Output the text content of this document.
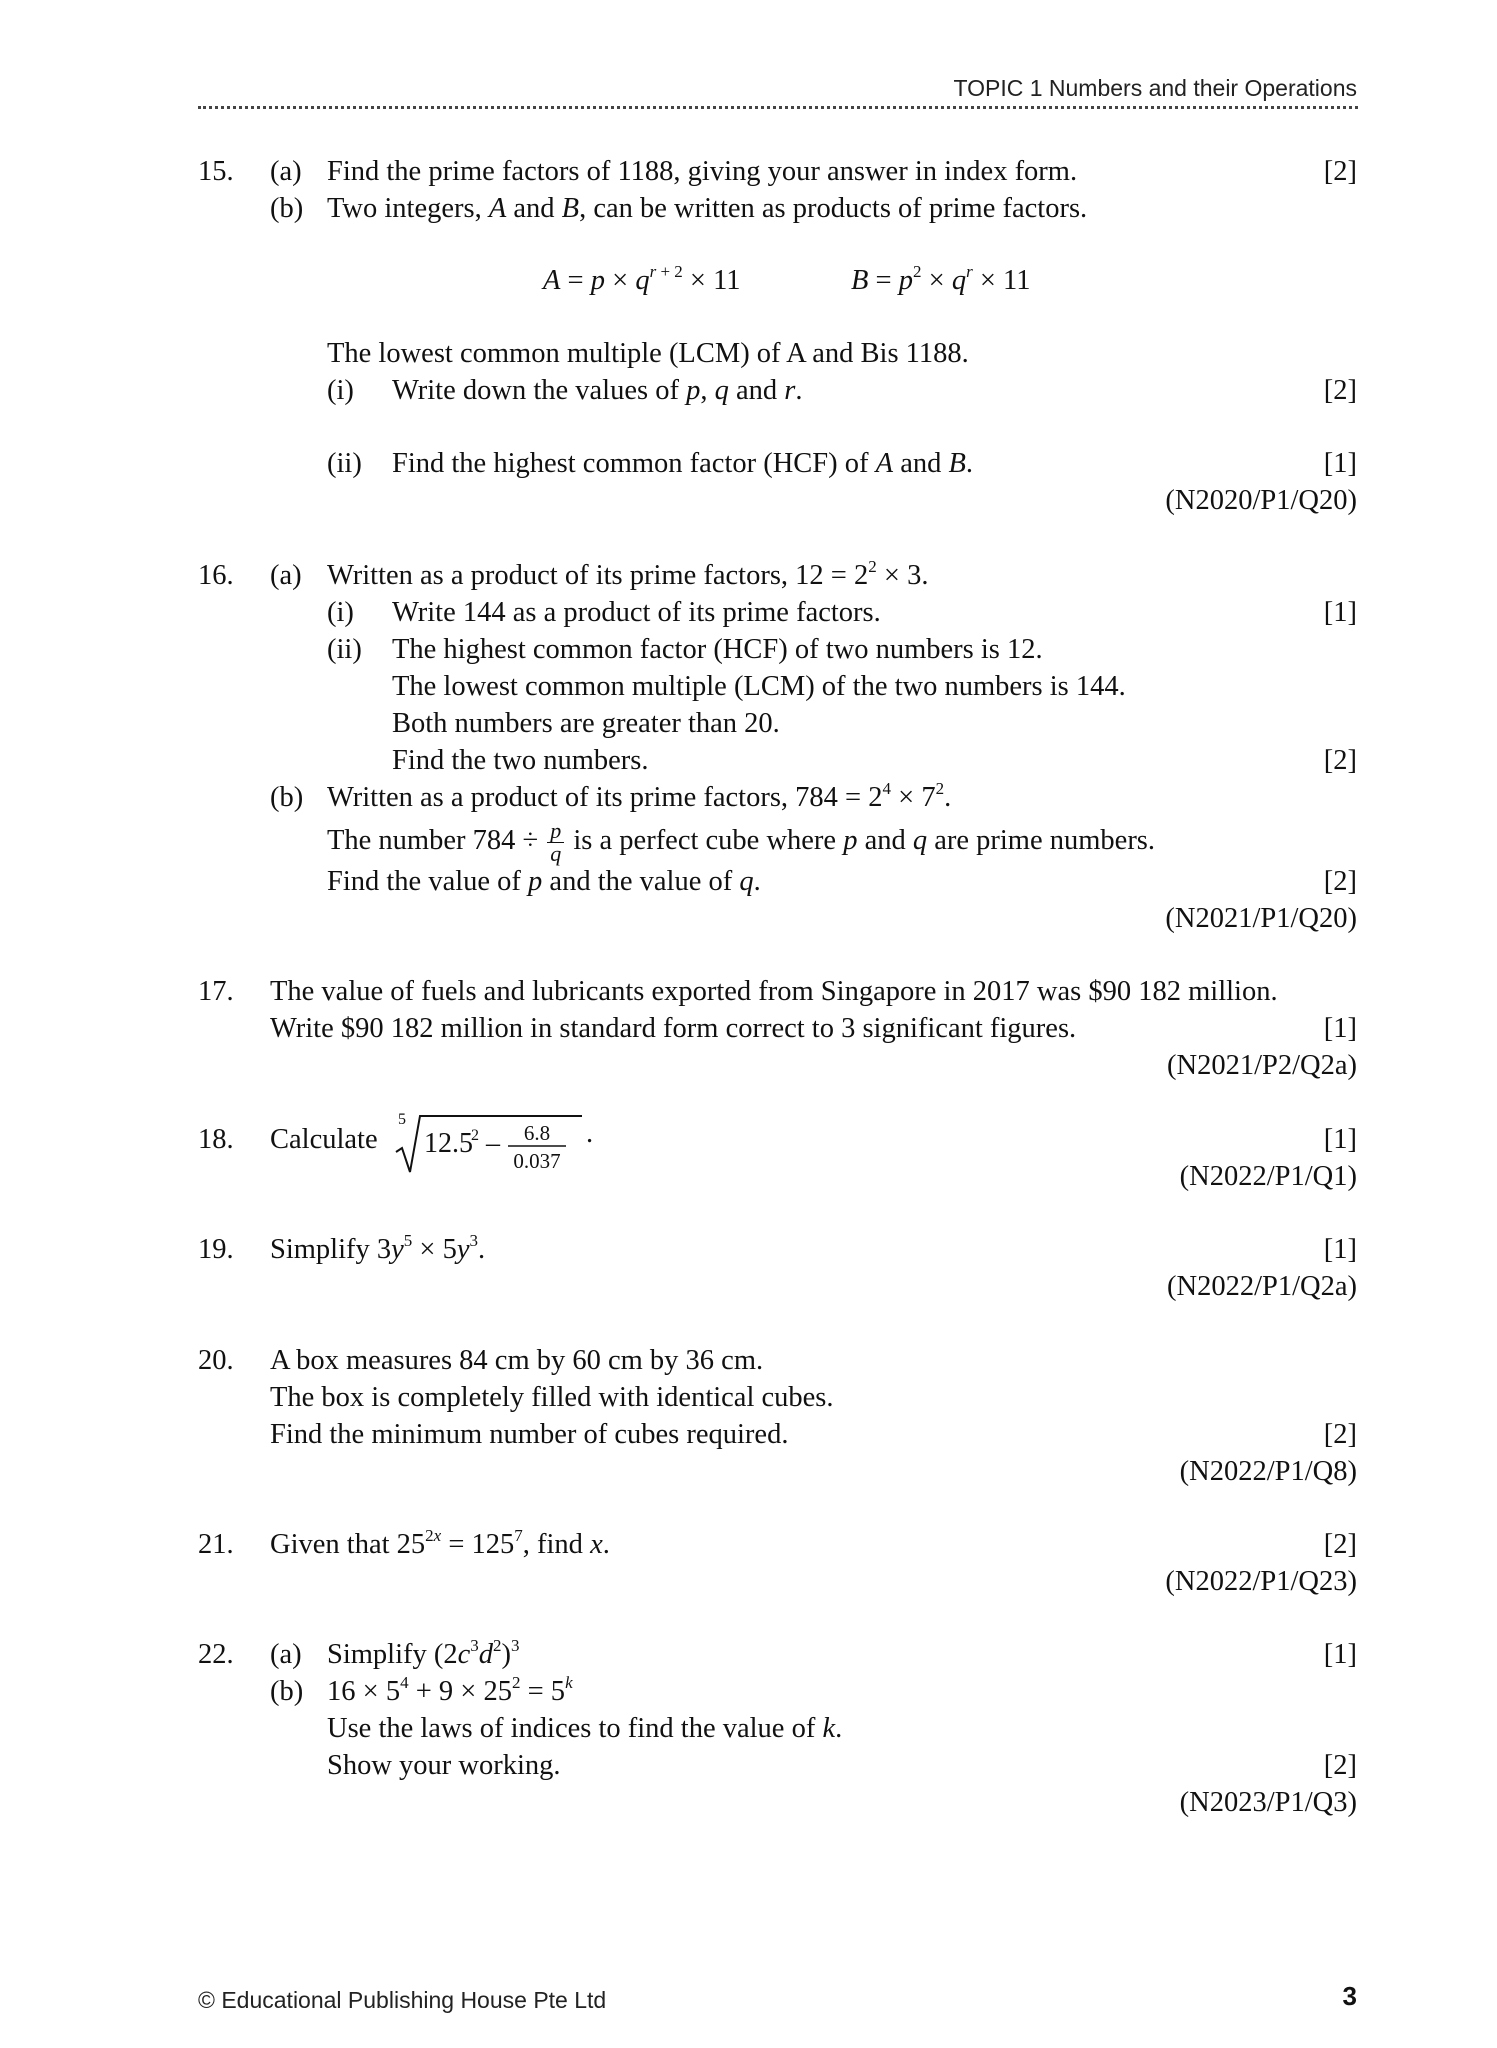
TOPIC 1 Numbers and their Operations
15. (a) Find the prime factors of 1188, giving your answer in index form.	[2]
(b) Two integers, A and B, can be written as products of prime factors.
$A = p \times q^{r + 2} \times 11$	$B = p^2 \times q^r \times 11$
The lowest common multiple (LCM) of A and Bis 1188.
(i) Write down the values of p, q and r.	[2]
(ii) Find the highest common factor (HCF) of A and B.	[1]
(N2020/P1/Q20)
16. (a) Written as a product of its prime factors, $12 = 2^2 \times 3$.
(i) Write 144 as a product of its prime factors.	[1]
(ii) The highest common factor (HCF) of two numbers is 12.
The lowest common multiple (LCM) of the two numbers is 144.
Both numbers are greater than 20.
Find the two numbers.	[2]
(b) Written as a product of its prime factors, $784 = 2^4 \times 7^2$.
The number $784 \div \frac{p}{q}$ is a perfect cube where p and q are prime numbers.
Find the value of p and the value of q.	[2]
(N2021/P1/Q20)
17. The value of fuels and lubricants exported from Singapore in 2017 was $90 182 million.
Write $90 182 million in standard form correct to 3 significant figures.	[1]
(N2021/P2/Q2a)
18. Calculate
5
12.5
2 – 6.8
0.037
.	[1]
(N2022/P1/Q1)
19. Simplify $3y^5 \times 5y^3$.	[1]
(N2022/P1/Q2a)
20. A box measures 84 cm by 60 cm by 36 cm.
The box is completely filled with identical cubes.
Find the minimum number of cubes required.	[2]
(N2022/P1/Q8)
21. Given that $25^{2x} = 125^7$, find x.	[2]
(N2022/P1/Q23)
22. (a) Simplify $(2c^3d^2)^3$	[1]
(b) $16 \times 5^4 + 9 \times 25^2 = 5^k$
Use the laws of indices to find the value of k.
Show your working.	[2]
(N2023/P1/Q3)
© Educational Publishing House Pte Ltd	3
